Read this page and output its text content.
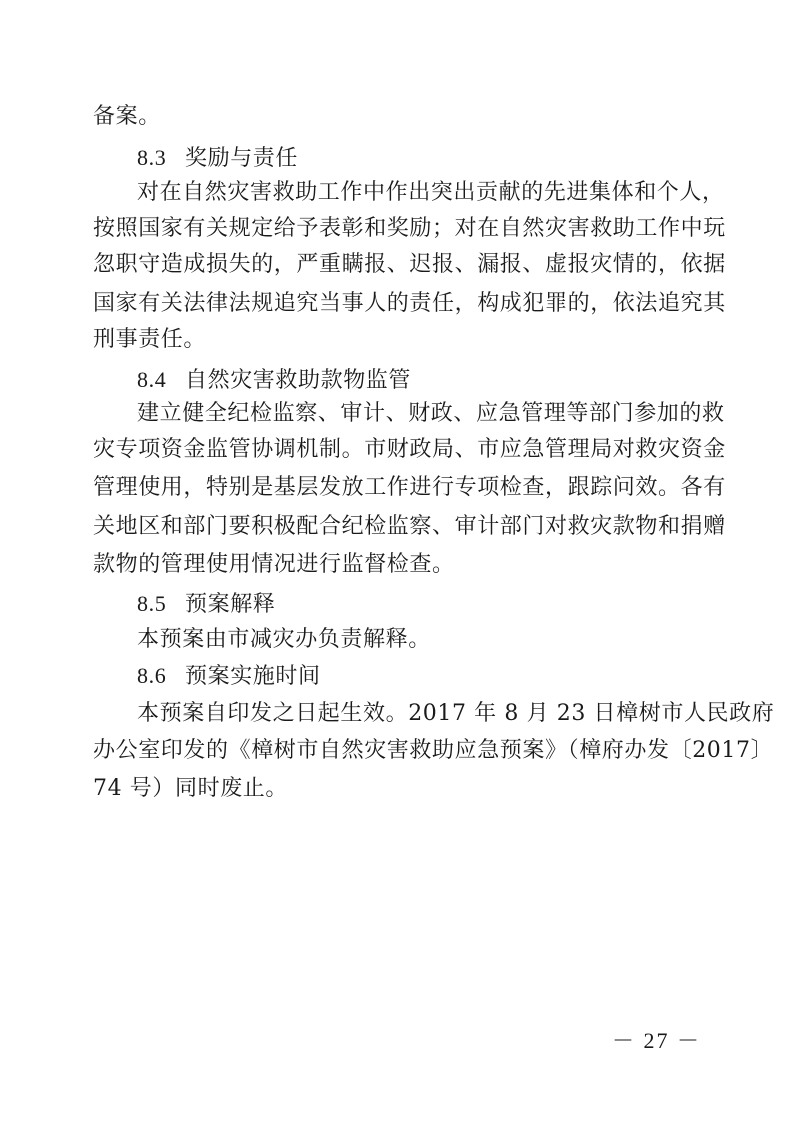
备案。
8.3 奖励与责任
对在自然灾害救助工作中作出突出贡献的先进集体和个人，
按照国家有关规定给予表彰和奖励；对在自然灾害救助工作中玩
忽职守造成损失的，严重瞒报、迟报、漏报、虚报灾情的，依据
国家有关法律法规追究当事人的责任，构成犯罪的，依法追究其
刑事责任。
8.4 自然灾害救助款物监管
建立健全纪检监察、审计、财政、应急管理等部门参加的救
灾专项资金监管协调机制。市财政局、市应急管理局对救灾资金
管理使用，特别是基层发放工作进行专项检查，跟踪问效。各有
关地区和部门要积极配合纪检监察、审计部门对救灾款物和捐赠
款物的管理使用情况进行监督检查。
8.5 预案解释
本预案由市减灾办负责解释。
8.6 预案实施时间
本预案自印发之日起生效。2017 年 8 月 23 日樟树市人民政府
办公室印发的《樟树市自然灾害救助应急预案》（樟府办发〔2017〕
74 号）同时废止。
－ 27 －
